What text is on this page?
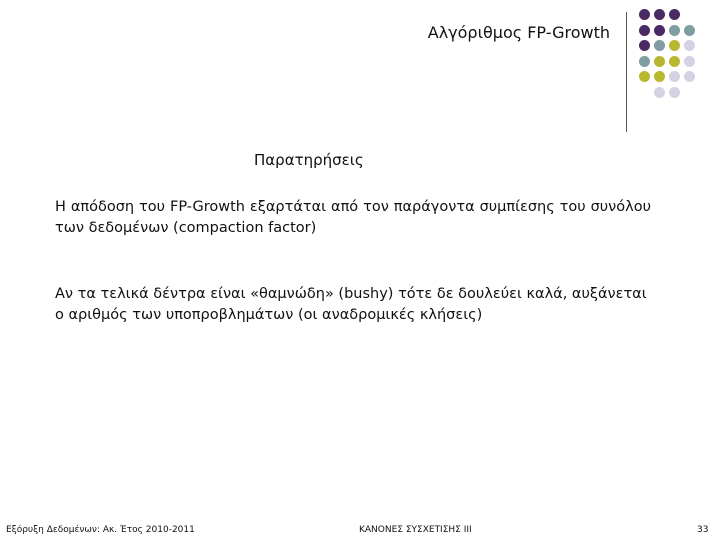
Αλγόριθμος FP-Growth
Παρατηρήσεις
Η απόδοση του FP-Growth εξαρτάται από τον παράγοντα συμπίεσης του συνόλου των δεδομένων (compaction factor)
Αν τα τελικά δέντρα είναι «θαμνώδη» (bushy) τότε δε δουλεύει καλά, αυξάνεται ο αριθμός των υποπροβλημάτων (οι αναδρομικές κλήσεις)
Εξόρυξη Δεδομένων: Ακ. Έτος 2010-2011	ΚΑΝΟΝΕΣ ΣΥΣΧΕΤΙΣΗΣ III	33
